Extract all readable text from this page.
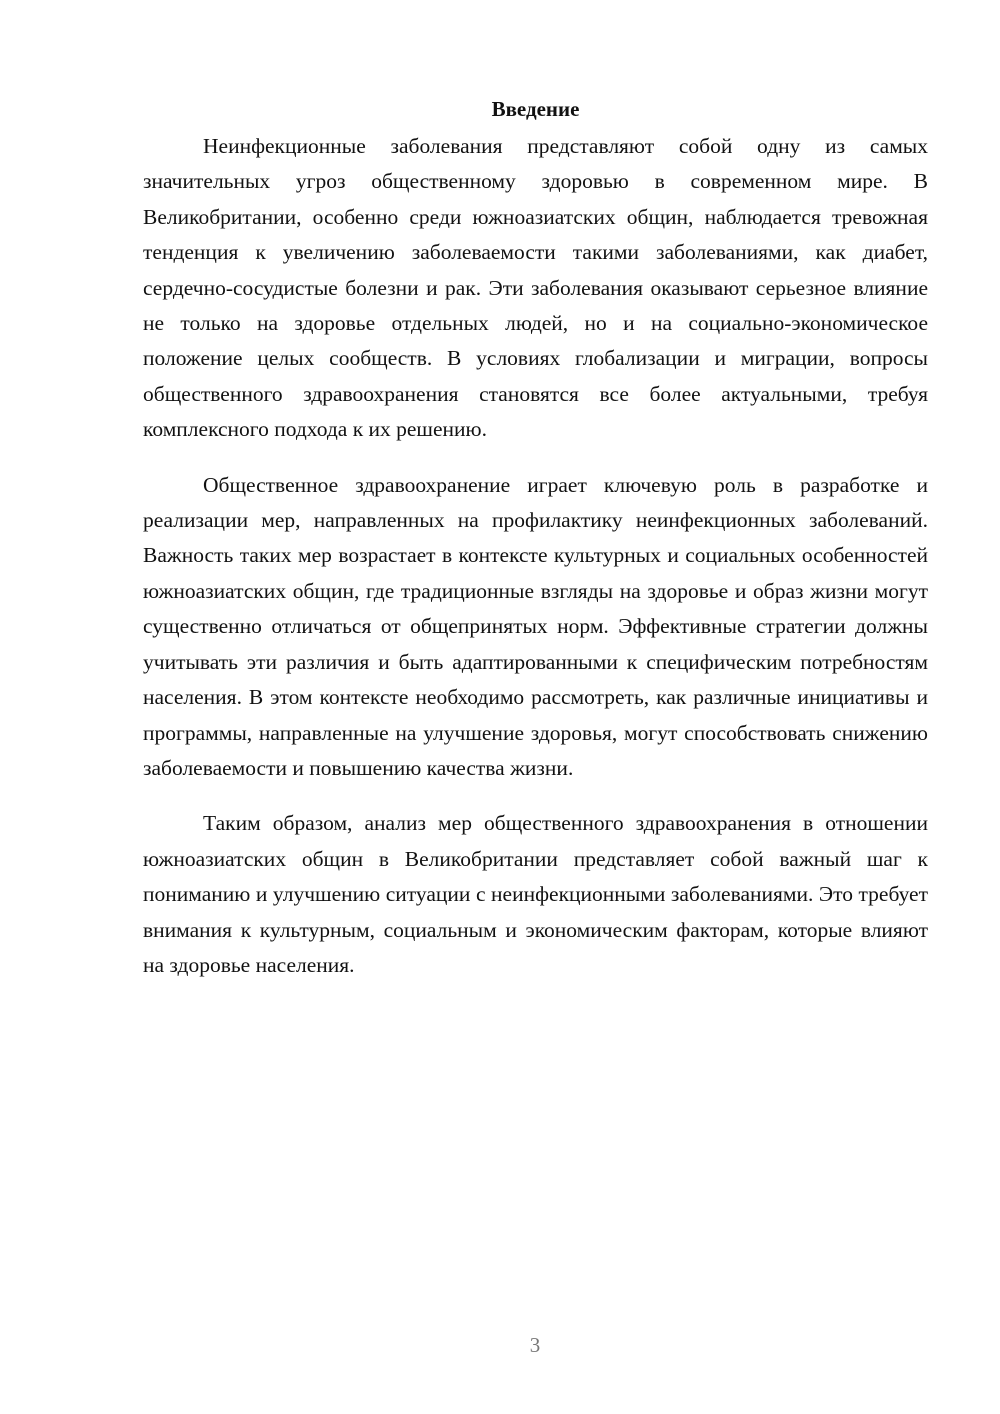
Введение

Неинфекционные заболевания представляют собой одну из самых значительных угроз общественному здоровью в современном мире. В Великобритании, особенно среди южноазиатских общин, наблюдается тревожная тенденция к увеличению заболеваемости такими заболеваниями, как диабет, сердечно-сосудистые болезни и рак. Эти заболевания оказывают серьезное влияние не только на здоровье отдельных людей, но и на социально-экономическое положение целых сообществ. В условиях глобализации и миграции, вопросы общественного здравоохранения становятся все более актуальными, требуя комплексного подхода к их решению.

Общественное здравоохранение играет ключевую роль в разработке и реализации мер, направленных на профилактику неинфекционных заболеваний. Важность таких мер возрастает в контексте культурных и социальных особенностей южноазиатских общин, где традиционные взгляды на здоровье и образ жизни могут существенно отличаться от общепринятых норм. Эффективные стратегии должны учитывать эти различия и быть адаптированными к специфическим потребностям населения. В этом контексте необходимо рассмотреть, как различные инициативы и программы, направленные на улучшение здоровья, могут способствовать снижению заболеваемости и повышению качества жизни.

Таким образом, анализ мер общественного здравоохранения в отношении южноазиатских общин в Великобритании представляет собой важный шаг к пониманию и улучшению ситуации с неинфекционными заболеваниями. Это требует внимания к культурным, социальным и экономическим факторам, которые влияют на здоровье населения.

3
